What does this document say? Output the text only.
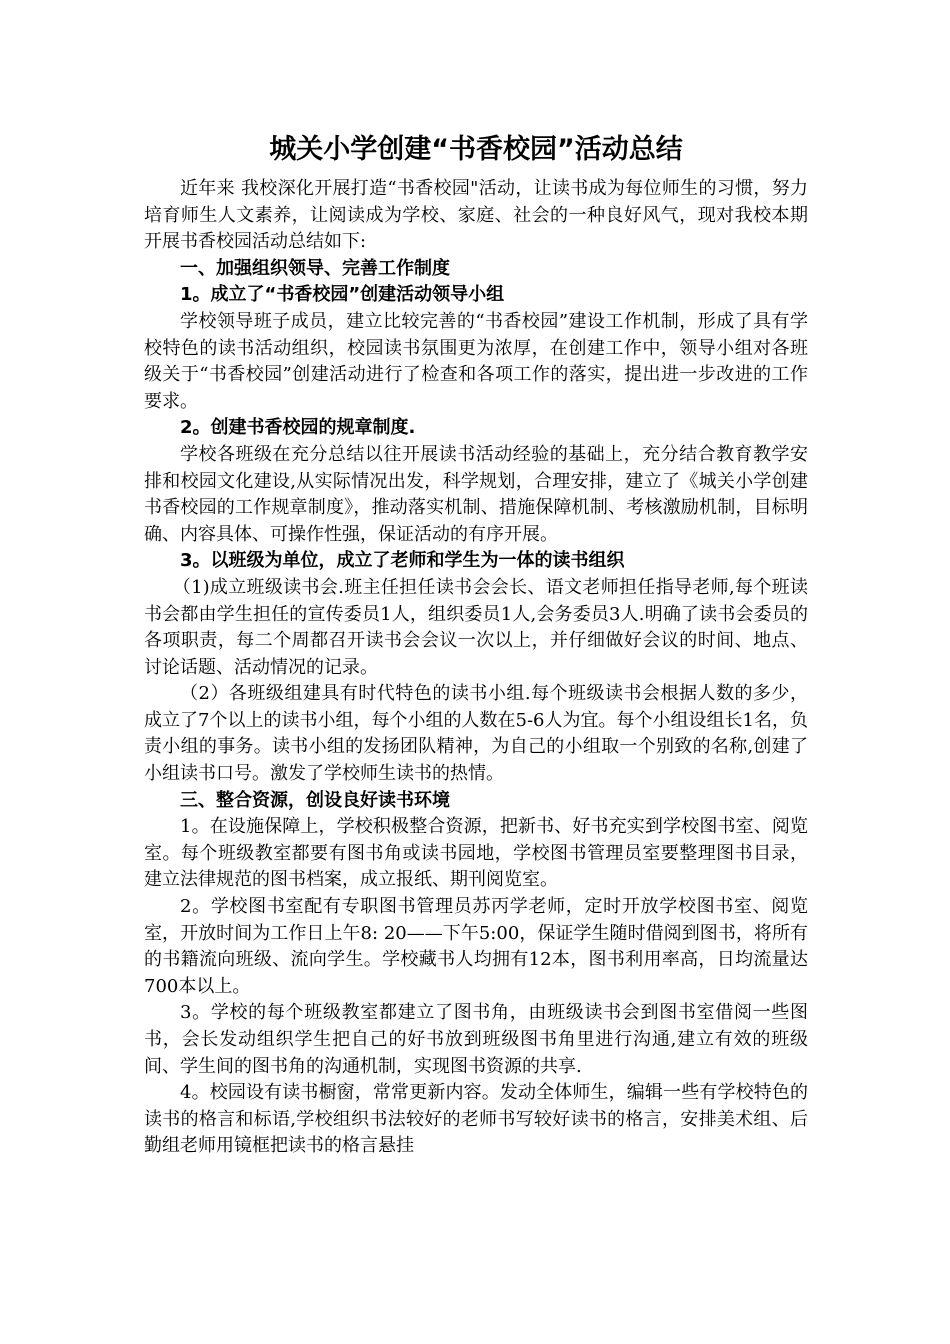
城关小学创建“书香校园”活动总结

近年来 我校深化开展打造“书香校园"活动，让读书成为每位师生的习惯，努力培育师生人文素养，让阅读成为学校、家庭、社会的一种良好风气，现对我校本期开展书香校园活动总结如下:

一、加强组织领导、完善工作制度

1。成立了“书香校园”创建活动领导小组

学校领导班子成员，建立比较完善的“书香校园”建设工作机制，形成了具有学校特色的读书活动组织，校园读书氛围更为浓厚，在创建工作中，领导小组对各班级关于“书香校园”创建活动进行了检查和各项工作的落实，提出进一步改进的工作要求。

2。创建书香校园的规章制度.

学校各班级在充分总结以往开展读书活动经验的基础上，充分结合教育教学安排和校园文化建设,从实际情况出发，科学规划，合理安排，建立了《城关小学创建书香校园的工作规章制度》，推动落实机制、措施保障机制、考核激励机制，目标明确、内容具体、可操作性强，保证活动的有序开展。

3。以班级为单位，成立了老师和学生为一体的读书组织

（1)成立班级读书会.班主任担任读书会会长、语文老师担任指导老师,每个班读书会都由学生担任的宣传委员1人，组织委员1人,会务委员3人.明确了读书会委员的各项职责，每二个周都召开读书会会议一次以上，并仔细做好会议的时间、地点、讨论话题、活动情况的记录。

（2）各班级组建具有时代特色的读书小组.每个班级读书会根据人数的多少，成立了7个以上的读书小组，每个小组的人数在5-6人为宜。每个小组设组长1名，负责小组的事务。读书小组的发扬团队精神，为自己的小组取一个别致的名称,创建了小组读书口号。激发了学校师生读书的热情。

三、整合资源，创设良好读书环境

1。在设施保障上，学校积极整合资源，把新书、好书充实到学校图书室、阅览室。每个班级教室都要有图书角或读书园地，学校图书管理员室要整理图书目录，建立法律规范的图书档案，成立报纸、期刊阅览室。

2。学校图书室配有专职图书管理员苏丙学老师，定时开放学校图书室、阅览室，开放时间为工作日上午8: 20——下午5:00，保证学生随时借阅到图书，将所有的书籍流向班级、流向学生。学校藏书人均拥有12本，图书利用率高，日均流量达700本以上。

3。学校的每个班级教室都建立了图书角，由班级读书会到图书室借阅一些图书，会长发动组织学生把自己的好书放到班级图书角里进行沟通,建立有效的班级间、学生间的图书角的沟通机制，实现图书资源的共享.

4。校园设有读书橱窗，常常更新内容。发动全体师生，编辑一些有学校特色的读书的格言和标语,学校组织书法较好的老师书写较好读书的格言，安排美术组、后勤组老师用镜框把读书的格言悬挂
